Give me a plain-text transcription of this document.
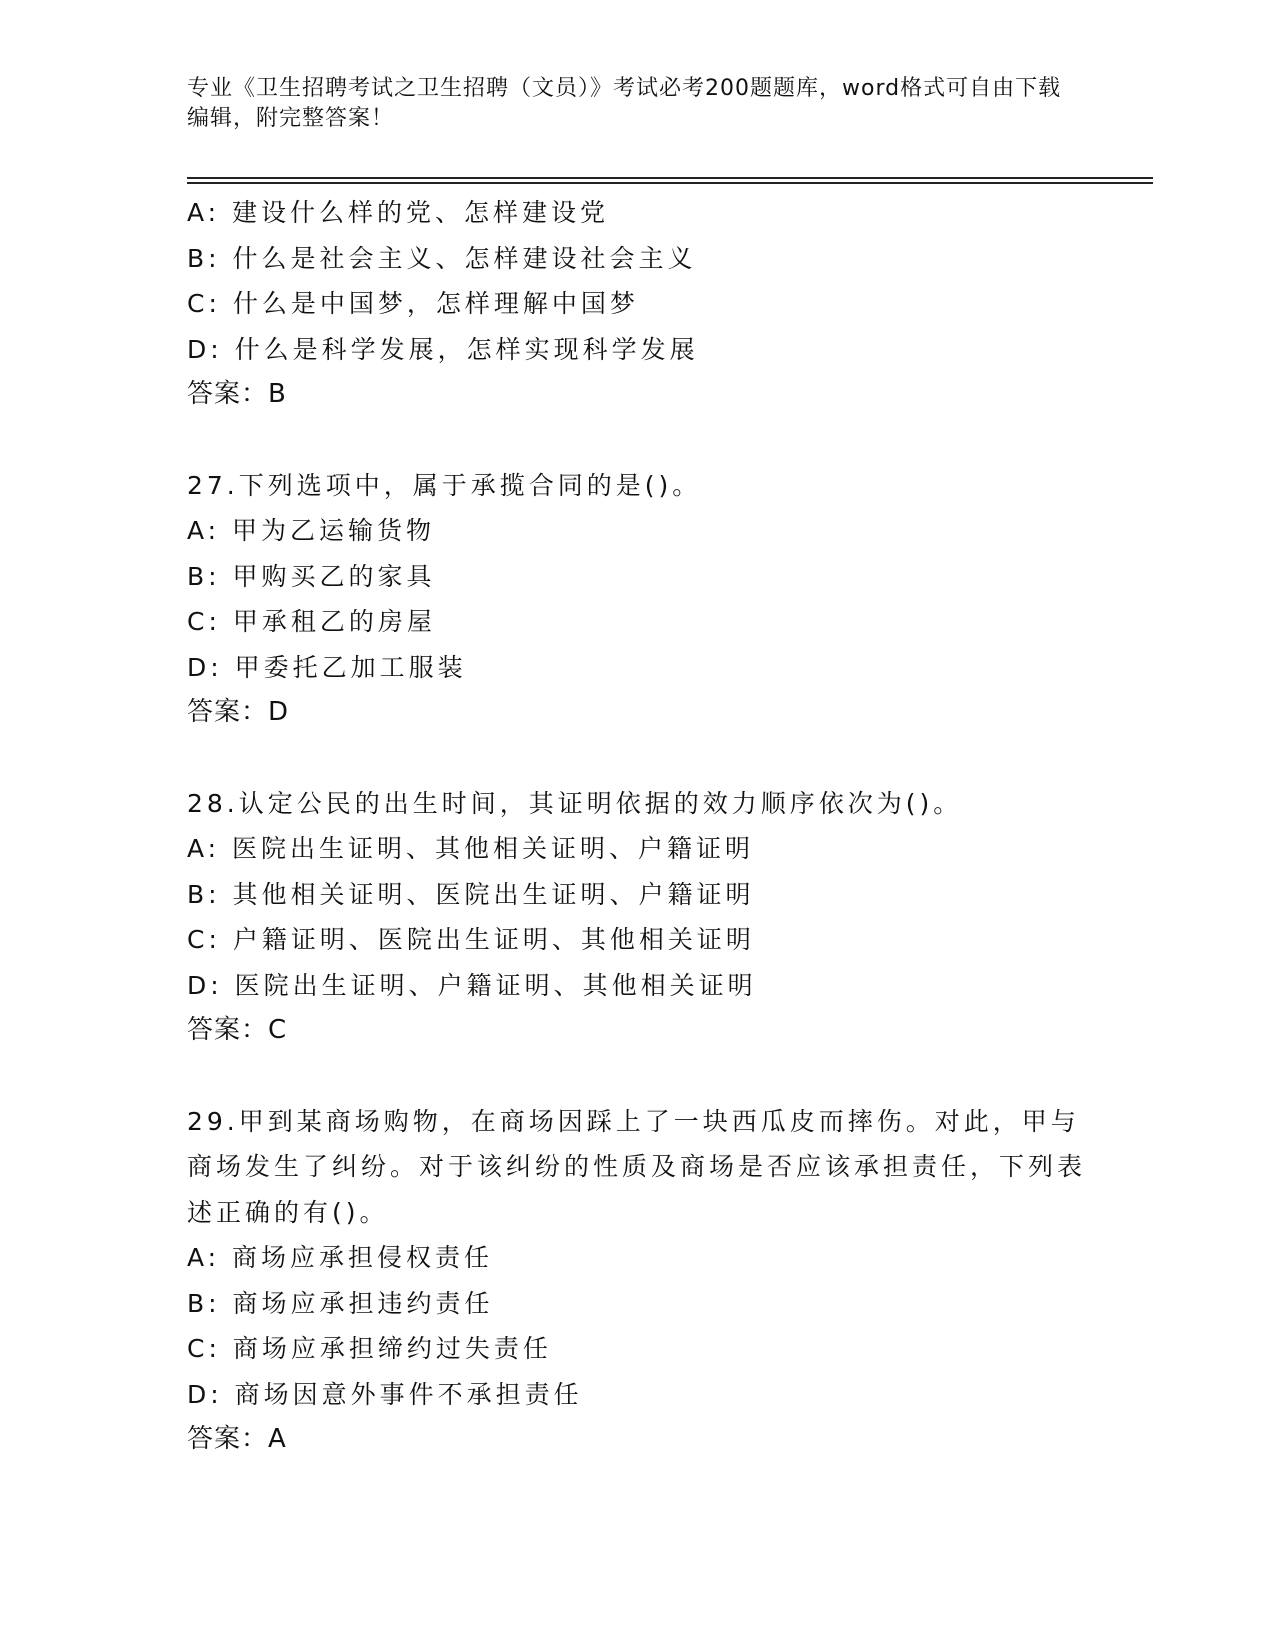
专业《卫生招聘考试之卫生招聘（文员）》考试必考200题题库，word格式可自由下载编辑，附完整答案！
A: 建设什么样的党、怎样建设党
B: 什么是社会主义、怎样建设社会主义
C: 什么是中国梦，怎样理解中国梦
D: 什么是科学发展，怎样实现科学发展
答案：B
27.下列选项中，属于承揽合同的是()。
A: 甲为乙运输货物
B: 甲购买乙的家具
C: 甲承租乙的房屋
D: 甲委托乙加工服装
答案：D
28.认定公民的出生时间，其证明依据的效力顺序依次为()。
A: 医院出生证明、其他相关证明、户籍证明
B: 其他相关证明、医院出生证明、户籍证明
C: 户籍证明、医院出生证明、其他相关证明
D: 医院出生证明、户籍证明、其他相关证明
答案：C
29.甲到某商场购物，在商场因踩上了一块西瓜皮而摔伤。对此，甲与商场发生了纠纷。对于该纠纷的性质及商场是否应该承担责任，下列表述正确的有()。
A: 商场应承担侵权责任
B: 商场应承担违约责任
C: 商场应承担缔约过失责任
D: 商场因意外事件不承担责任
答案：A
